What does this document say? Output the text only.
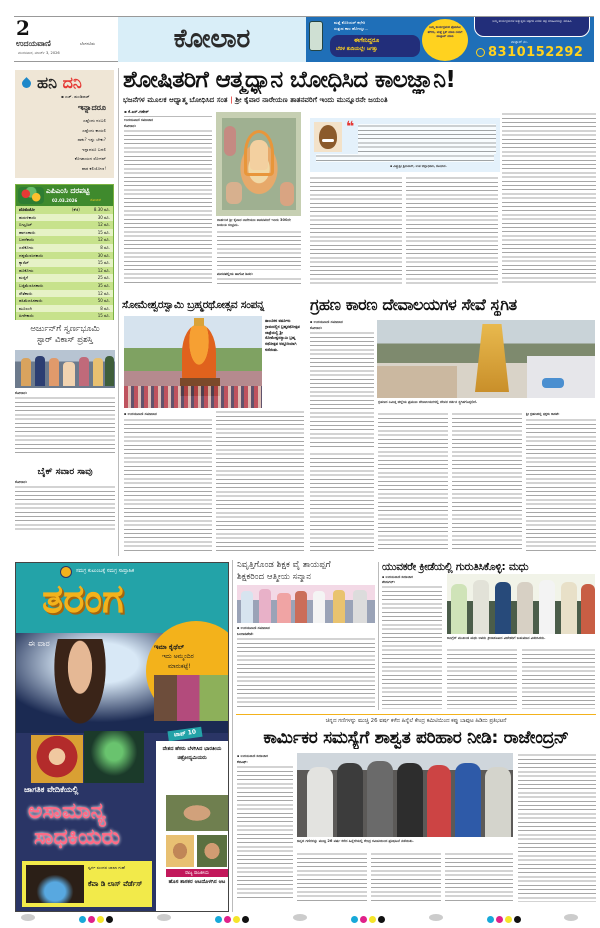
2
ಉದಯವಾಣಿ	ಬೆಂಗಳೂರು
ಮಂಗಳವಾರ, ಮಾರ್ಚ್ 3, 2026	ಕೋಲಾರ
ಮತ್ತೆ ಕೊರಿಯರ್ ಕಛೇರಿ
ಸುತ್ತುವ ಕಾಲ ಹೋಯ್ತು...
ಈಗೇನಿದ್ದರೂ
ಬೆರಳ ತುದಿಯಲ್ಲೇ ಜಗತ್ತು
ನಿಮ್ಮ ಕಾರ್ಯಕ್ರಮದ ಫೋಟೋ ತೆಗೆದು, ಮತ್ತೆ ಕ್ಲಿಕ್ ಮಾಡಿ ನಮಗೆ ವಾಟ್ಸಾಪ್ ಮಾಡಿ
ನಿಮ್ಮ ಕಾರ್ಯಕ್ರಮಗಳ ಅತ್ಯುತ್ತಮ ಚಿತ್ರಗಳ ಎರಡು ಚಿತ್ರ ಮಾಹಿತಿಯನ್ನು ಕಳುಹಿಸಿ
ವಾಟ್ಸಾಪ್ ನಂ.
8310152292
ಹನಿ ದನಿ
▪ ಎಚ್. ಡುಂಡಿರಾಜ್
ಇನ್ನಾದರೂ
ಎಷ್ಟೆಂದು ನಂಬಲಿ
ಎಷ್ಟೆಂದು ಕಾಯಲಿ
ಸಾಕು? ಇನ್ನು ಬೇಕು?
ಇನ್ನಾದರೂ ಬದಲಿ
ಕೋಟಾಯದ ರೋಗವ್
ಪಾಠ ಕಲಿಯೋಣ!
ಎಪಿಎಂಸಿ ದರಪಟ್ಟಿ
02.03.2026	ಕೋಲಾರ
ಟೊಮೆಟೋ	(ಕೆಜಿ)	8.30 ರೂ.
ಹುರುಳಿಕಾಯಿ	30 ರೂ.
ಬೀಟ್ರೂಟ್	12 ರೂ.
ಹಾಗಲಕಾಯಿ	15 ರೂ.
ಬದನೆಕಾಯಿ	12 ರೂ.
ಎಲೆಕೋಸು	8 ರೂ.
ದಪ್ಪಮೆಣಸಿನಕಾಯಿ	30 ರೂ.
ಕ್ಯಾರೆಟ್	15 ರೂ.
ಹೂಕೋಸು	12 ರೂ.
ಮಜ್ಜಿಗೆ	25 ರೂ.
ಬಜ್ಜಿಮೆಣಸಿನಕಾಯಿ	35 ರೂ.
ಸೌತೆಕಾಯಿ	12 ರೂ.
ಹಸಿಮೆಣಸಿನಕಾಯಿ	50 ರೂ.
ಮೂಲಂಗಿ	8 ರೂ.
ಹೀರೇಕಾಯಿ	15 ರೂ.
ಅರ್ಜುನ್‌ಗೆ ಸ್ವರ್ಣಭೂಮಿ
ಸ್ಟಾರ್ ವಿಕಾಸ್ ಪ್ರಶಸ್ತಿ
ಕೋಲಾರ:
ಬೈಕ್ ಸವಾರ ಸಾವು
ಕೋಲಾರ:
ಶೋಷಿತರಿಗೆ ಆತ್ಮಧ್ಯಾನ ಬೋಧಿಸಿದ ಕಾಲಜ್ಞಾನಿ!
ಭಜನೆಗಳ ಮೂಲಕ ಆಧ್ಯಾತ್ಮ ಬೋಧಿಸಿದ ಸಂತ | ಶ್ರೀ ಕೈವಾರ ನಾರೇಯಣ ತಾತನವರಿಗೆ ಇಂದು ಮುನ್ನೂರನೇ ಜಯಂತಿ
▪ ಕೆ.ಎಸ್.ಗಣೇಶ್
ಉದಯವಾಣಿ ಸಮಾಚಾರ
ಕೋಲಾರ:
ದಾರ್ಶನಿಕ ಶ್ರೀ ಕೈವಾರ ನಾರೇಯಣ ತಾತನವರಿಗೆ ಇಂದು 300ನೇ ಜಯಂತಿ ಸಂಭ್ರಮ.
ಮದನಪಲ್ಲಿಯ ಹಾಗೋ ಶಿವರ:
❝
▪ ವಿಷ್ಣುಶ್ರೀ ಶ್ರೀನಿವಾಸ್, ಉಪ ಜಿಲ್ಲಾಧಿಕಾರಿ, ಕೋಲಾರ.
ಸೋಮೇಶ್ವರಸ್ವಾಮಿ ಬ್ರಹ್ಮರಥೋತ್ಸವ ಸಂಪನ್ನ
ತಾಲೂಕಿನ ವರ್ತೂರು ಗ್ರಾಮದಲ್ಲಿನ ಬ್ರಹ್ಮರಥೋತ್ಸವ ಜಾತ್ರೆಯಲ್ಲಿ ಶ್ರೀ ಸೋಮೇಶ್ವರಸ್ವಾಮಿ ಬ್ರಹ್ಮ ರಥೋತ್ಸವ ಅದ್ದೂರಿಯಾಗಿ ನಡೆಯಿತು.
▪ ಉದಯವಾಣಿ ಸಮಾಚಾರ
ಗ್ರಹಣ ಕಾರಣ ದೇವಾಲಯಗಳ ಸೇವೆ ಸ್ಥಗಿತ
▪ ಉದಯವಾಣಿ ಸಮಾಚಾರ
ಕೋಲಾರ:
ಗ್ರಹಣದ ನಿಮಿತ್ತ ಜಿಲ್ಲೆಯ ಪ್ರಮುಖ ದೇವಾಲಯಗಳಲ್ಲಿ ದೇವರ ದರ್ಶನ ಸ್ಥಗಿತಗೊಳ್ಳಲಿದೆ.
ಶ್ರೀ ಗ್ರಹಣದಲ್ಲಿ ಭಕ್ತರು ಸಾಸವೆ:
ಸಮಗ್ರ ಕುಟುಂಬಕ್ಕೆ ಸಮಗ್ರ ಸಾಪ್ತಾಹಿಕ
ತರಂಗ
ಈ ವಾರ	ಇಮಾ ಕೈಥೆಲ್
ಇದು ಅಮ್ಮಂದಿರ
ಮಾರುಕಟ್ಟೆ!
ಟಾಪ್ 10
ದೇಶದ ಹೆಸರು ಬೆಳಗಿಸಿದ ಭಾರತೀಯ ಚಿತ್ರೋದ್ಯಮಿಯರು
ರಾಜ್ಯ ರಾಜಕೀಯ
ಹೊಸ ಶಾಸಕರ ಆಟದೊಳಗಿನ ಆಟ
ಜಾಗತಿಕ ವೇದಿಕೆಯಲ್ಲಿ
ಅಸಾಮಾನ್ಯ
ಸಾಧಕಿಯರು
ಸ್ವರ್ಗ ಸುಂದರ ಬಾಲಾ ಗುಹೆ
ಕೆವಾ ಡಿ ಲಾಸ್ ವೆರ್ಡೆಸ್
ನಿವೃತ್ತಿಗೊಂಡ ಶಿಕ್ಷಕ ವೈ ತಾಯಪ್ಪಗೆ
ಶಿಕ್ಷಕರಿಂದ ಆತ್ಮೀಯ ಸನ್ಮಾನ
▪ ಉದಯವಾಣಿ ಸಮಾಚಾರ
ಬಂಗಾರಪೇಟೆ:
ಯುವಕರೇ ಕ್ರೀಡೆಯಲ್ಲಿ ಗುರುತಿಸಿಕೊಳ್ಳಿ: ಮಧು
▪ ಉದಯವಾಣಿ ಸಮಾಚಾರ
ವೇಮಗಲ್:
ಕಾಂಗ್ರೆಸ್ ಮುಖಂಡ ಮಧು ಅವರು ಕ್ರೀಡಾಕೂಟದ ವಿಜೇತರಿಗೆ ಬಹುಮಾನ ವಿತರಿಸಿದರು.
ಚಿನ್ನದ ಗಣಿಗಳನ್ನು ಮುಚ್ಚಿ 26 ವರ್ಷ ಕಳೆದ ಹಿನ್ನೆಲೆ ಕೇಂದ್ರ ಕಮಿಟಿಯಿಂದ ಕಪ್ಪು ಬಾವುಟ ಹಿಡಿದು ಪ್ರತಿಭಟನೆ
ಕಾರ್ಮಿಕರ ಸಮಸ್ಯೆಗೆ ಶಾಶ್ವತ ಪರಿಹಾರ ನೀಡಿ: ರಾಜೇಂದ್ರನ್
▪ ಉದಯವಾಣಿ ಸಮಾಚಾರ
ಕೆಜಿಎಫ್:
ಚಿನ್ನದ ಗಣಿಗಳನ್ನು ಮುಚ್ಚಿ 26 ವರ್ಷ ಕಳೆದ ಹಿನ್ನೆಲೆಯಲ್ಲಿ ಕೇಂದ್ರ ಕಮಿಟಿಯಿಂದ ಪ್ರತಿಭಟನೆ ನಡೆಯಿತು.
